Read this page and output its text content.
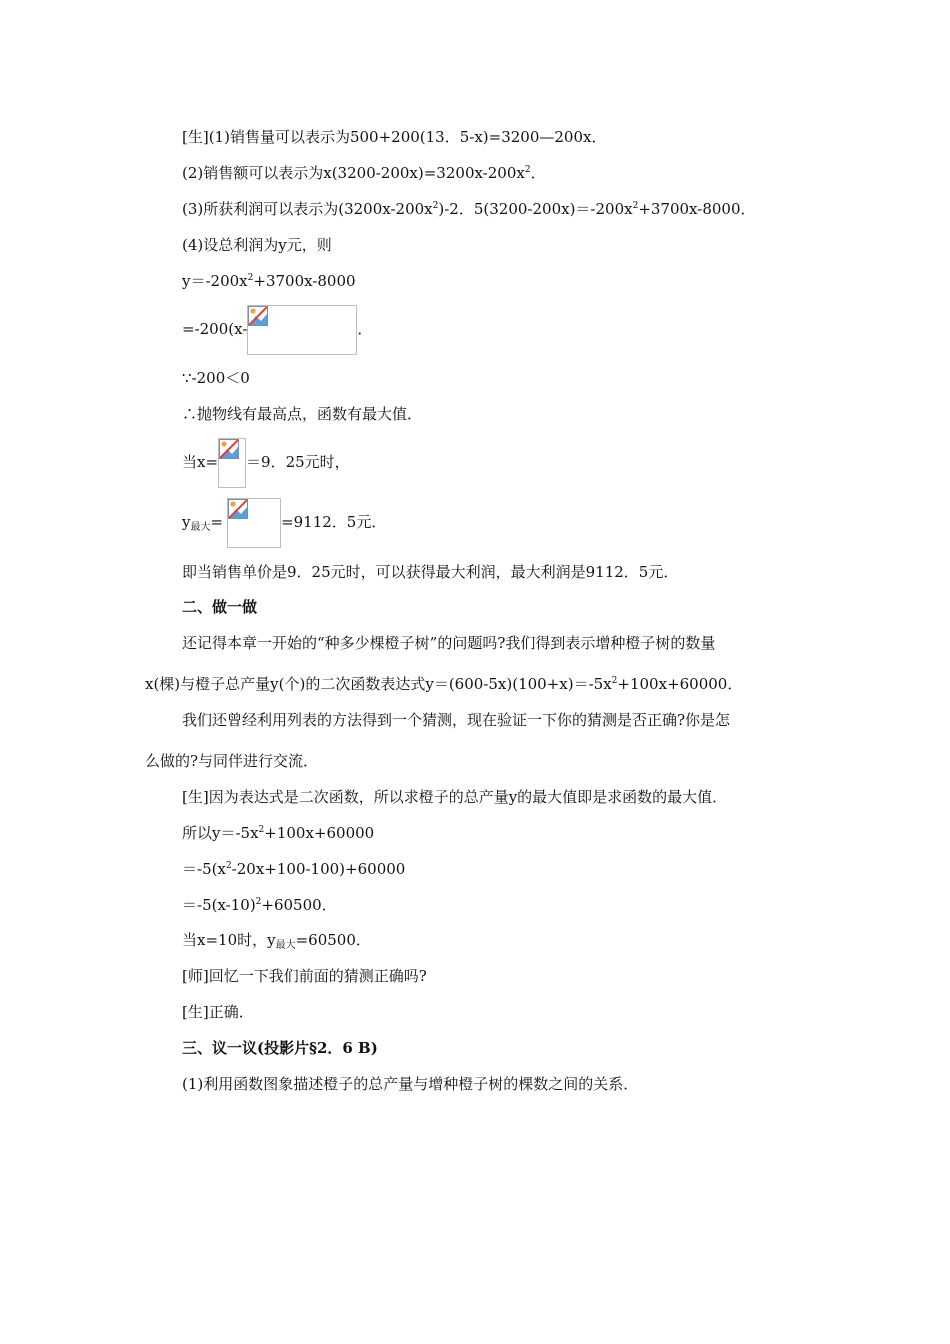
[生](1)销售量可以表示为500+200(13．5-x)=3200—200x．
(2)销售额可以表示为$x(3200-200x)=3200x-200x^2$．
(3)所获利润可以表示为$(3200x-200x^2)-2$．$5(3200-200x)=-200x^2+3700x-8000$．
(4)设总利润为y元，则
$y=-200x^2+3700x-8000$
=-200(x-	．
∵-200＜0
∴抛物线有最高点，函数有最大值．
当x= ＝9．25元时，
$y_{最大}=$	=9112．5元．
即当销售单价是9．25元时，可以获得最大利润，最大利润是9112．5元．
二、做一做
还记得本章一开始的“种多少棵橙子树”的问题吗?我们得到表示增种橙子树的数量
x(棵)与橙子总产量y(个)的二次函数表达式$y=(600-5x)(100+x)=-5x^2+100x+60000$．
我们还曾经利用列表的方法得到一个猜测，现在验证一下你的猜测是否正确?你是怎
么做的?与同伴进行交流．
[生]因为表达式是二次函数，所以求橙子的总产量y的最大值即是求函数的最大值．
所以$y=-5x^2+100x+60000$
$=-5(x^2-20x+100-100)+60000$
$=-5(x-10)^2+60500$．
当x=10时，$y_{最大}=60500$．
[师]回忆一下我们前面的猜测正确吗?
[生]正确．
三、议一议(投影片§2．6 B)
(1)利用函数图象描述橙子的总产量与增种橙子树的棵数之间的关系．
